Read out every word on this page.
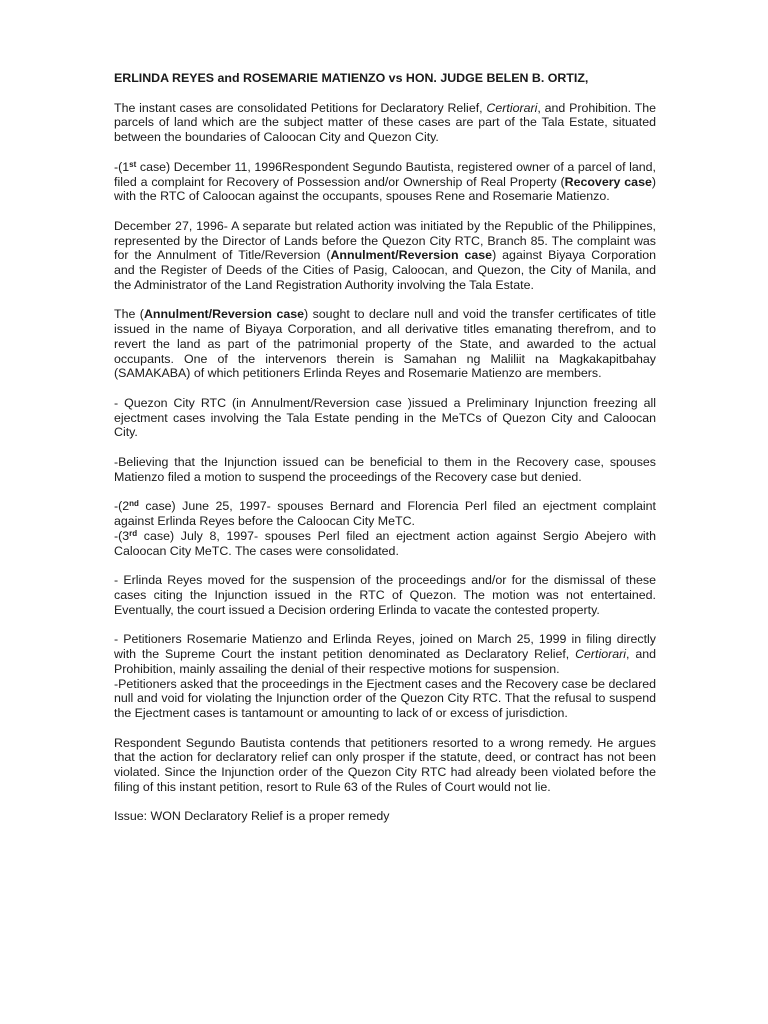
ERLINDA REYES and ROSEMARIE MATIENZO vs HON. JUDGE BELEN B. ORTIZ,

The instant cases are consolidated Petitions for Declaratory Relief, Certiorari, and Prohibition. The parcels of land which are the subject matter of these cases are part of the Tala Estate, situated between the boundaries of Caloocan City and Quezon City.

-(1st case) December 11, 1996Respondent Segundo Bautista, registered owner of a parcel of land, filed a complaint for Recovery of Possession and/or Ownership of Real Property (Recovery case) with the RTC of Caloocan against the occupants, spouses Rene and Rosemarie Matienzo.

December 27, 1996- A separate but related action was initiated by the Republic of the Philippines, represented by the Director of Lands before the Quezon City RTC, Branch 85. The complaint was for the Annulment of Title/Reversion (Annulment/Reversion case) against Biyaya Corporation and the Register of Deeds of the Cities of Pasig, Caloocan, and Quezon, the City of Manila, and the Administrator of the Land Registration Authority involving the Tala Estate.

The (Annulment/Reversion case) sought to declare null and void the transfer certificates of title issued in the name of Biyaya Corporation, and all derivative titles emanating therefrom, and to revert the land as part of the patrimonial property of the State, and awarded to the actual occupants. One of the intervenors therein is Samahan ng Maliliit na Magkakapitbahay (SAMAKABA) of which petitioners Erlinda Reyes and Rosemarie Matienzo are members.

- Quezon City RTC (in Annulment/Reversion case )issued a Preliminary Injunction freezing all ejectment cases involving the Tala Estate pending in the MeTCs of Quezon City and Caloocan City.

-Believing that the Injunction issued can be beneficial to them in the Recovery case, spouses Matienzo filed a motion to suspend the proceedings of the Recovery case but denied.

-(2nd case) June 25, 1997- spouses Bernard and Florencia Perl filed an ejectment complaint against Erlinda Reyes before the Caloocan City MeTC.

-(3rd case) July 8, 1997- spouses Perl filed an ejectment action against Sergio Abejero with Caloocan City MeTC. The cases were consolidated.

- Erlinda Reyes moved for the suspension of the proceedings and/or for the dismissal of these cases citing the Injunction issued in the RTC of Quezon. The motion was not entertained. Eventually, the court issued a Decision ordering Erlinda to vacate the contested property.

- Petitioners Rosemarie Matienzo and Erlinda Reyes, joined on March 25, 1999 in filing directly with the Supreme Court the instant petition denominated as Declaratory Relief, Certiorari, and Prohibition, mainly assailing the denial of their respective motions for suspension.

-Petitioners asked that the proceedings in the Ejectment cases and the Recovery case be declared null and void for violating the Injunction order of the Quezon City RTC. That the refusal to suspend the Ejectment cases is tantamount or amounting to lack of or excess of jurisdiction.

Respondent Segundo Bautista contends that petitioners resorted to a wrong remedy. He argues that the action for declaratory relief can only prosper if the statute, deed, or contract has not been violated. Since the Injunction order of the Quezon City RTC had already been violated before the filing of this instant petition, resort to Rule 63 of the Rules of Court would not lie.

Issue: WON Declaratory Relief is a proper remedy
